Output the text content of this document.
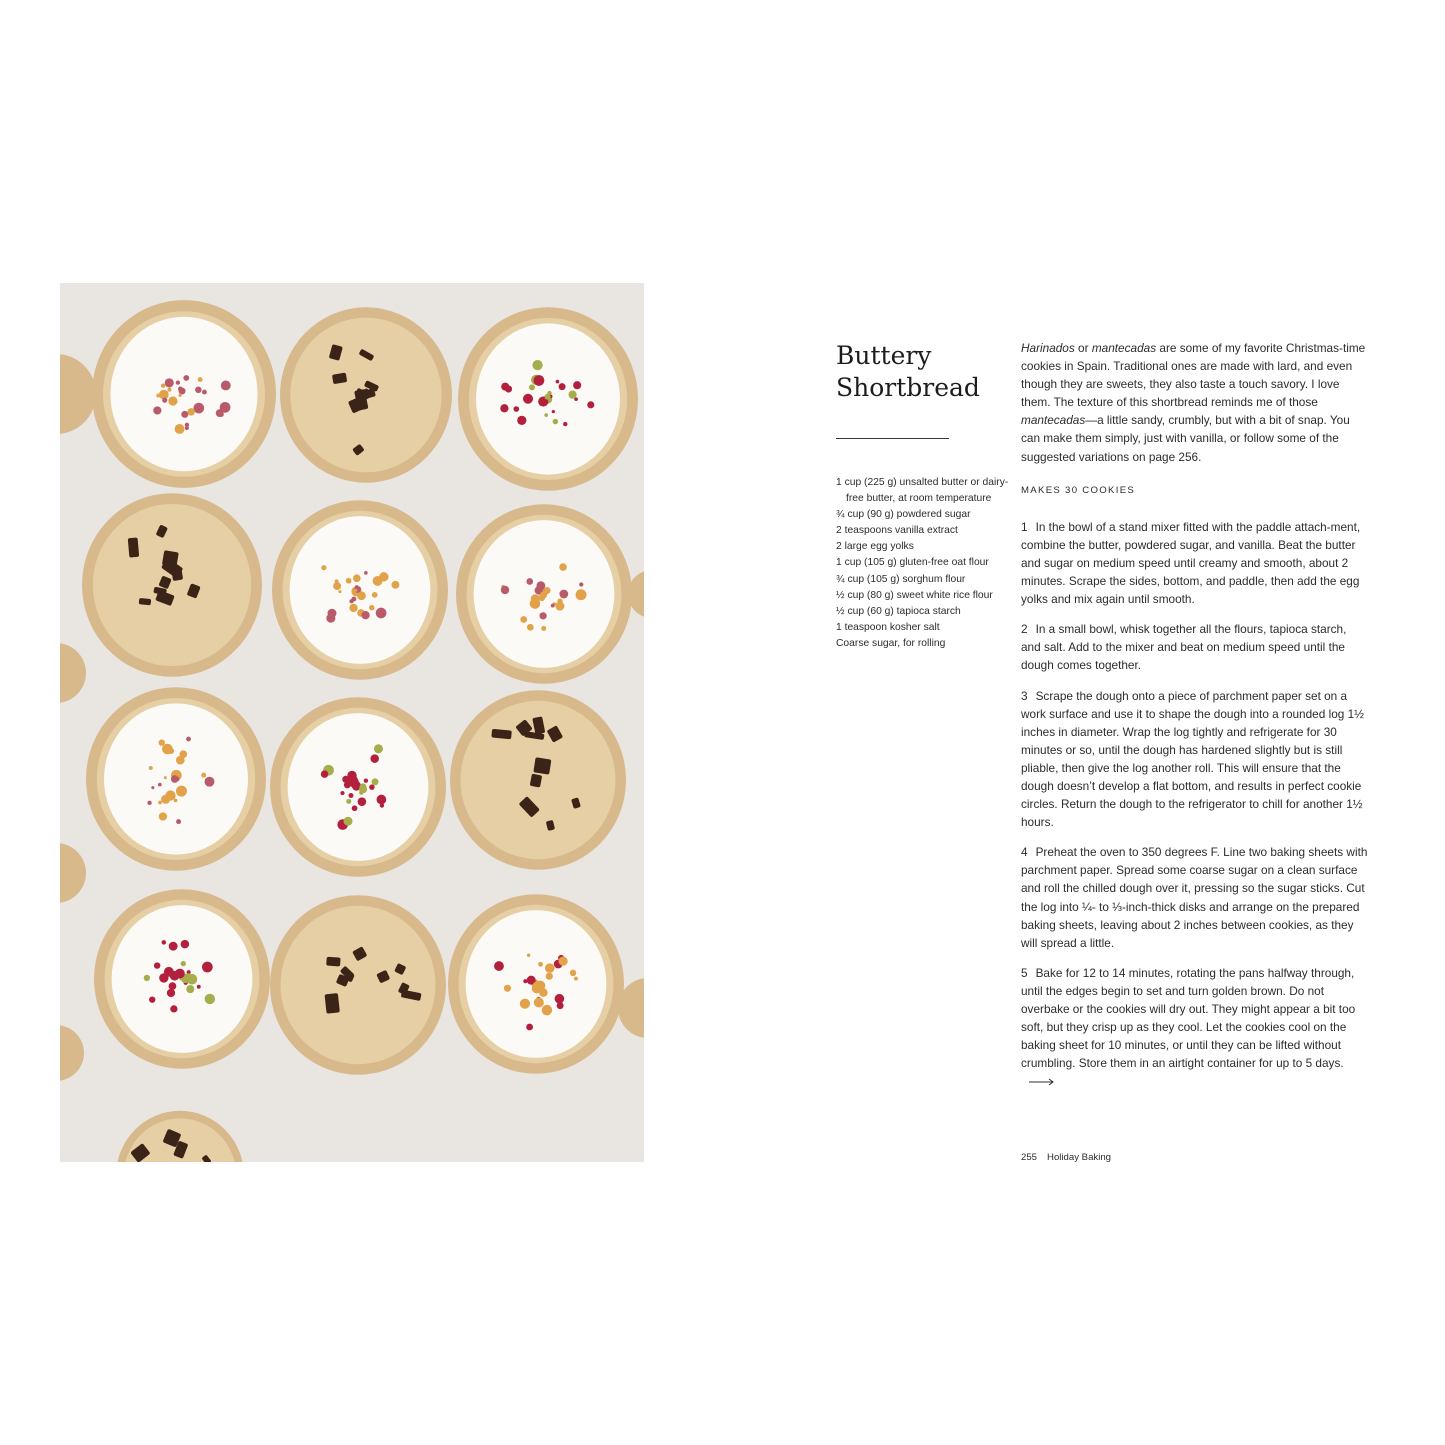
Buttery
Shortbread
1 cup (225 g) unsalted butter or dairy-free butter, at room temperature
¾ cup (90 g) powdered sugar
2 teaspoons vanilla extract
2 large egg yolks
1 cup (105 g) gluten-free oat flour
¾ cup (105 g) sorghum flour
½ cup (80 g) sweet white rice flour
½ cup (60 g) tapioca starch
1 teaspoon kosher salt
Coarse sugar, for rolling

Harinados or mantecadas are some of my favorite Christmas-time cookies in Spain. Traditional ones are made with lard, and even though they are sweets, they also taste a touch savory. I love them. The texture of this shortbread reminds me of those mantecadas—a little sandy, crumbly, but with a bit of snap. You can make them simply, just with vanilla, or follow some of the suggested variations on page 256.

MAKES 30 COOKIES

1 In the bowl of a stand mixer fitted with the paddle attach-ment, combine the butter, powdered sugar, and vanilla. Beat the butter and sugar on medium speed until creamy and smooth, about 2 minutes. Scrape the sides, bottom, and paddle, then add the egg yolks and mix again until smooth.

2 In a small bowl, whisk together all the flours, tapioca starch, and salt. Add to the mixer and beat on medium speed until the dough comes together.

3 Scrape the dough onto a piece of parchment paper set on a work surface and use it to shape the dough into a rounded log 1½ inches in diameter. Wrap the log tightly and refrigerate for 30 minutes or so, until the dough has hardened slightly but is still pliable, then give the log another roll. This will ensure that the dough doesn’t develop a flat bottom, and results in perfect cookie circles. Return the dough to the refrigerator to chill for another 1½ hours.

4 Preheat the oven to 350 degrees F. Line two baking sheets with parchment paper. Spread some coarse sugar on a clean surface and roll the chilled dough over it, pressing so the sugar sticks. Cut the log into ¼- to ⅓-inch-thick disks and arrange on the prepared baking sheets, leaving about 2 inches between cookies, as they will spread a little.

5 Bake for 12 to 14 minutes, rotating the pans halfway through, until the edges begin to set and turn golden brown. Do not overbake or the cookies will dry out. They might appear a bit too soft, but they crisp up as they cool. Let the cookies cool on the baking sheet for 10 minutes, or until they can be lifted without crumbling. Store them in an airtight container for up to 5 days.

255 Holiday Baking
